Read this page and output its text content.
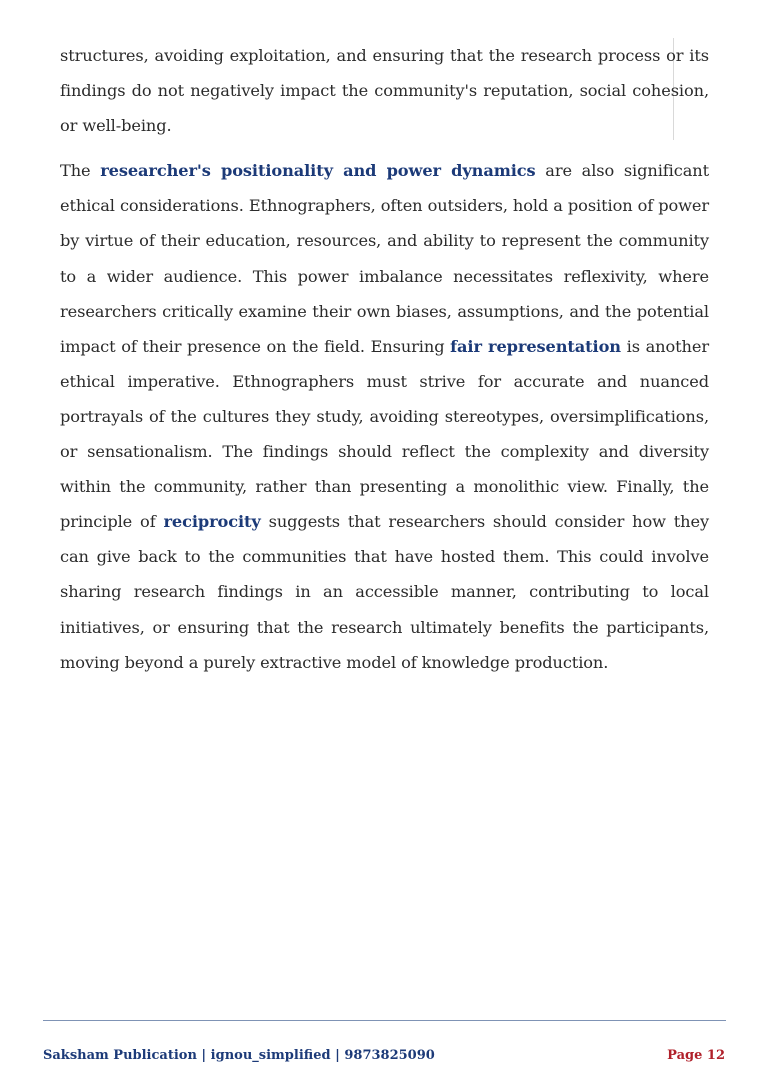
structures, avoiding exploitation, and ensuring that the research process or its findings do not negatively impact the community's reputation, social cohesion, or well-being.

The researcher's positionality and power dynamics are also significant ethical considerations. Ethnographers, often outsiders, hold a position of power by virtue of their education, resources, and ability to represent the community to a wider audience. This power imbalance necessitates reflexivity, where researchers critically examine their own biases, assumptions, and the potential impact of their presence on the field. Ensuring fair representation is another ethical imperative. Ethnographers must strive for accurate and nuanced portrayals of the cultures they study, avoiding stereotypes, oversimplifications, or sensationalism. The findings should reflect the complexity and diversity within the community, rather than presenting a monolithic view. Finally, the principle of reciprocity suggests that researchers should consider how they can give back to the communities that have hosted them. This could involve sharing research findings in an accessible manner, contributing to local initiatives, or ensuring that the research ultimately benefits the participants, moving beyond a purely extractive model of knowledge production.

Saksham Publication | ignou_simplified | 9873825090	Page 12
